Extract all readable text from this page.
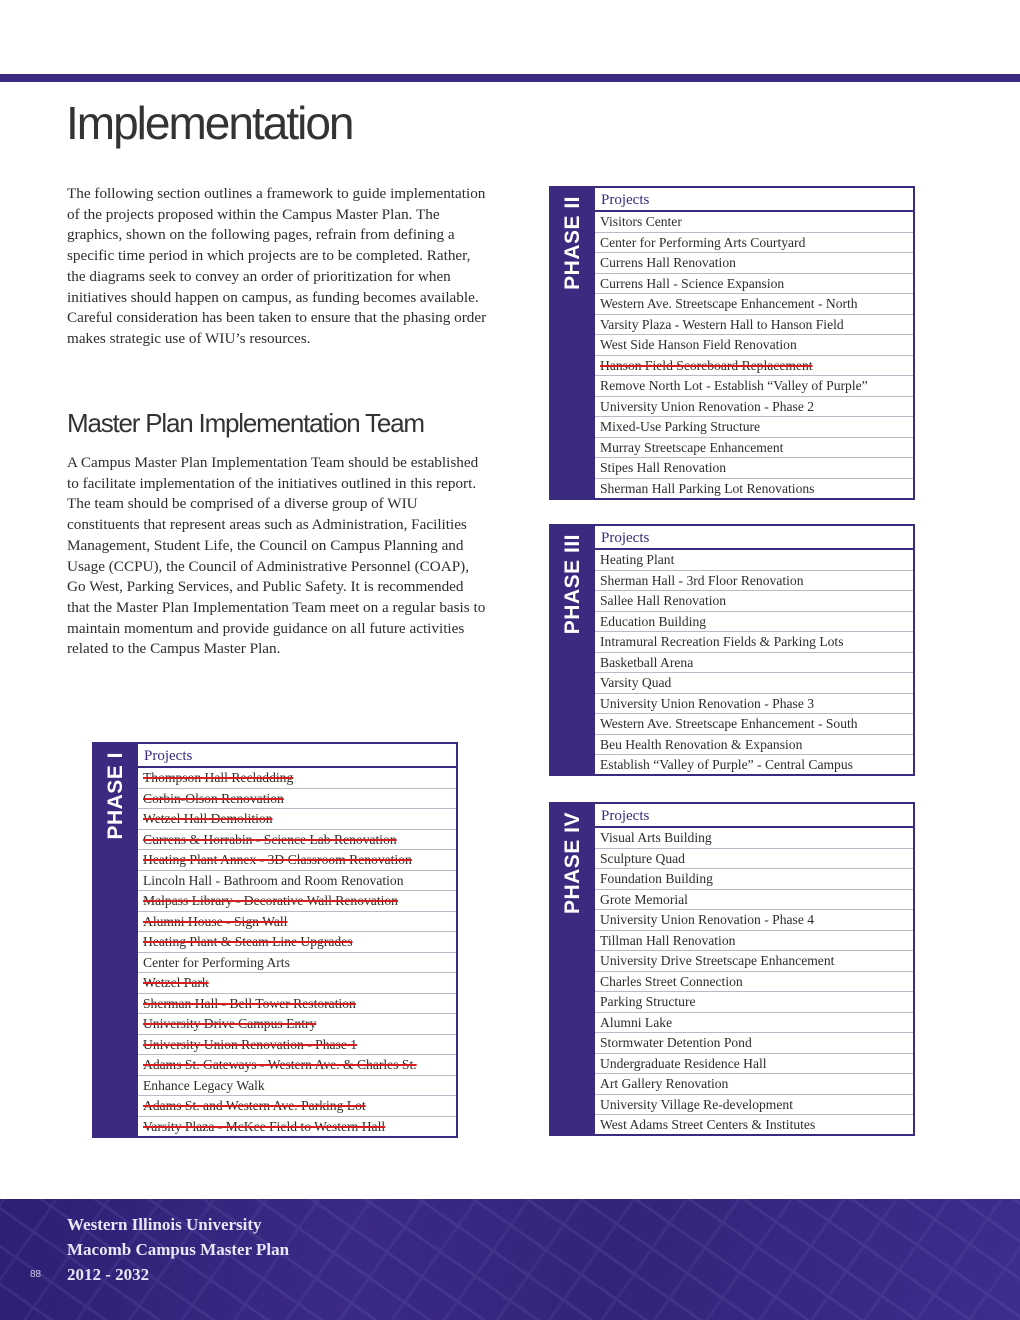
Implementation

The following section outlines a framework to guide implementation of the projects proposed within the Campus Master Plan. The graphics, shown on the following pages, refrain from defining a specific time period in which projects are to be completed. Rather, the diagrams seek to convey an order of prioritization for when initiatives should happen on campus, as funding becomes available. Careful consideration has been taken to ensure that the phasing order makes strategic use of WIU’s resources.

Master Plan Implementation Team

A Campus Master Plan Implementation Team should be established to facilitate implementation of the initiatives outlined in this report. The team should be comprised of a diverse group of WIU constituents that represent areas such as Administration, Facilities Management, Student Life, the Council on Campus Planning and Usage (CCPU), the Council of Administrative Personnel (COAP), Go West, Parking Services, and Public Safety. It is recommended that the Master Plan Implementation Team meet on a regular basis to maintain momentum and provide guidance on all future activities related to the Campus Master Plan.

PHASE I	Projects
Thompson Hall Recladding
Corbin-Olson Renovation
Wetzel Hall Demolition
Currens & Horrabin - Science Lab Renovation
Heating Plant Annex - 3D Classroom Renovation
Lincoln Hall - Bathroom and Room Renovation
Malpass Library - Decorative Wall Renovation
Alumni House - Sign Wall
Heating Plant & Steam Line Upgrades
Center for Performing Arts
Wetzel Park
Sherman Hall - Bell Tower Restoration
University Drive Campus Entry
University Union Renovation - Phase 1
Adams St. Gateways - Western Ave. & Charles St.
Enhance Legacy Walk
Adams St. and Western Ave. Parking Lot
Varsity Plaza - McKee Field to Western Hall
PHASE II	Projects
Visitors Center
Center for Performing Arts Courtyard
Currens Hall Renovation
Currens Hall - Science Expansion
Western Ave. Streetscape Enhancement - North
Varsity Plaza - Western Hall to Hanson Field
West Side Hanson Field Renovation
Hanson Field Scoreboard Replacement
Remove North Lot - Establish “Valley of Purple”
University Union Renovation - Phase 2
Mixed-Use Parking Structure
Murray Streetscape Enhancement
Stipes Hall Renovation
Sherman Hall Parking Lot Renovations
PHASE III	Projects
Heating Plant
Sherman Hall - 3rd Floor Renovation
Sallee Hall Renovation
Education Building
Intramural Recreation Fields & Parking Lots
Basketball Arena
Varsity Quad
University Union Renovation - Phase 3
Western Ave. Streetscape Enhancement - South
Beu Health Renovation & Expansion
Establish “Valley of Purple” - Central Campus
PHASE IV	Projects
Visual Arts Building
Sculpture Quad
Foundation Building
Grote Memorial
University Union Renovation - Phase 4
Tillman Hall Renovation
University Drive Streetscape Enhancement
Charles Street Connection
Parking Structure
Alumni Lake
Stormwater Detention Pond
Undergraduate Residence Hall
Art Gallery Renovation
University Village Re-development
West Adams Street Centers & Institutes

Western Illinois University

Macomb Campus Master Plan

2012 - 2032

88
